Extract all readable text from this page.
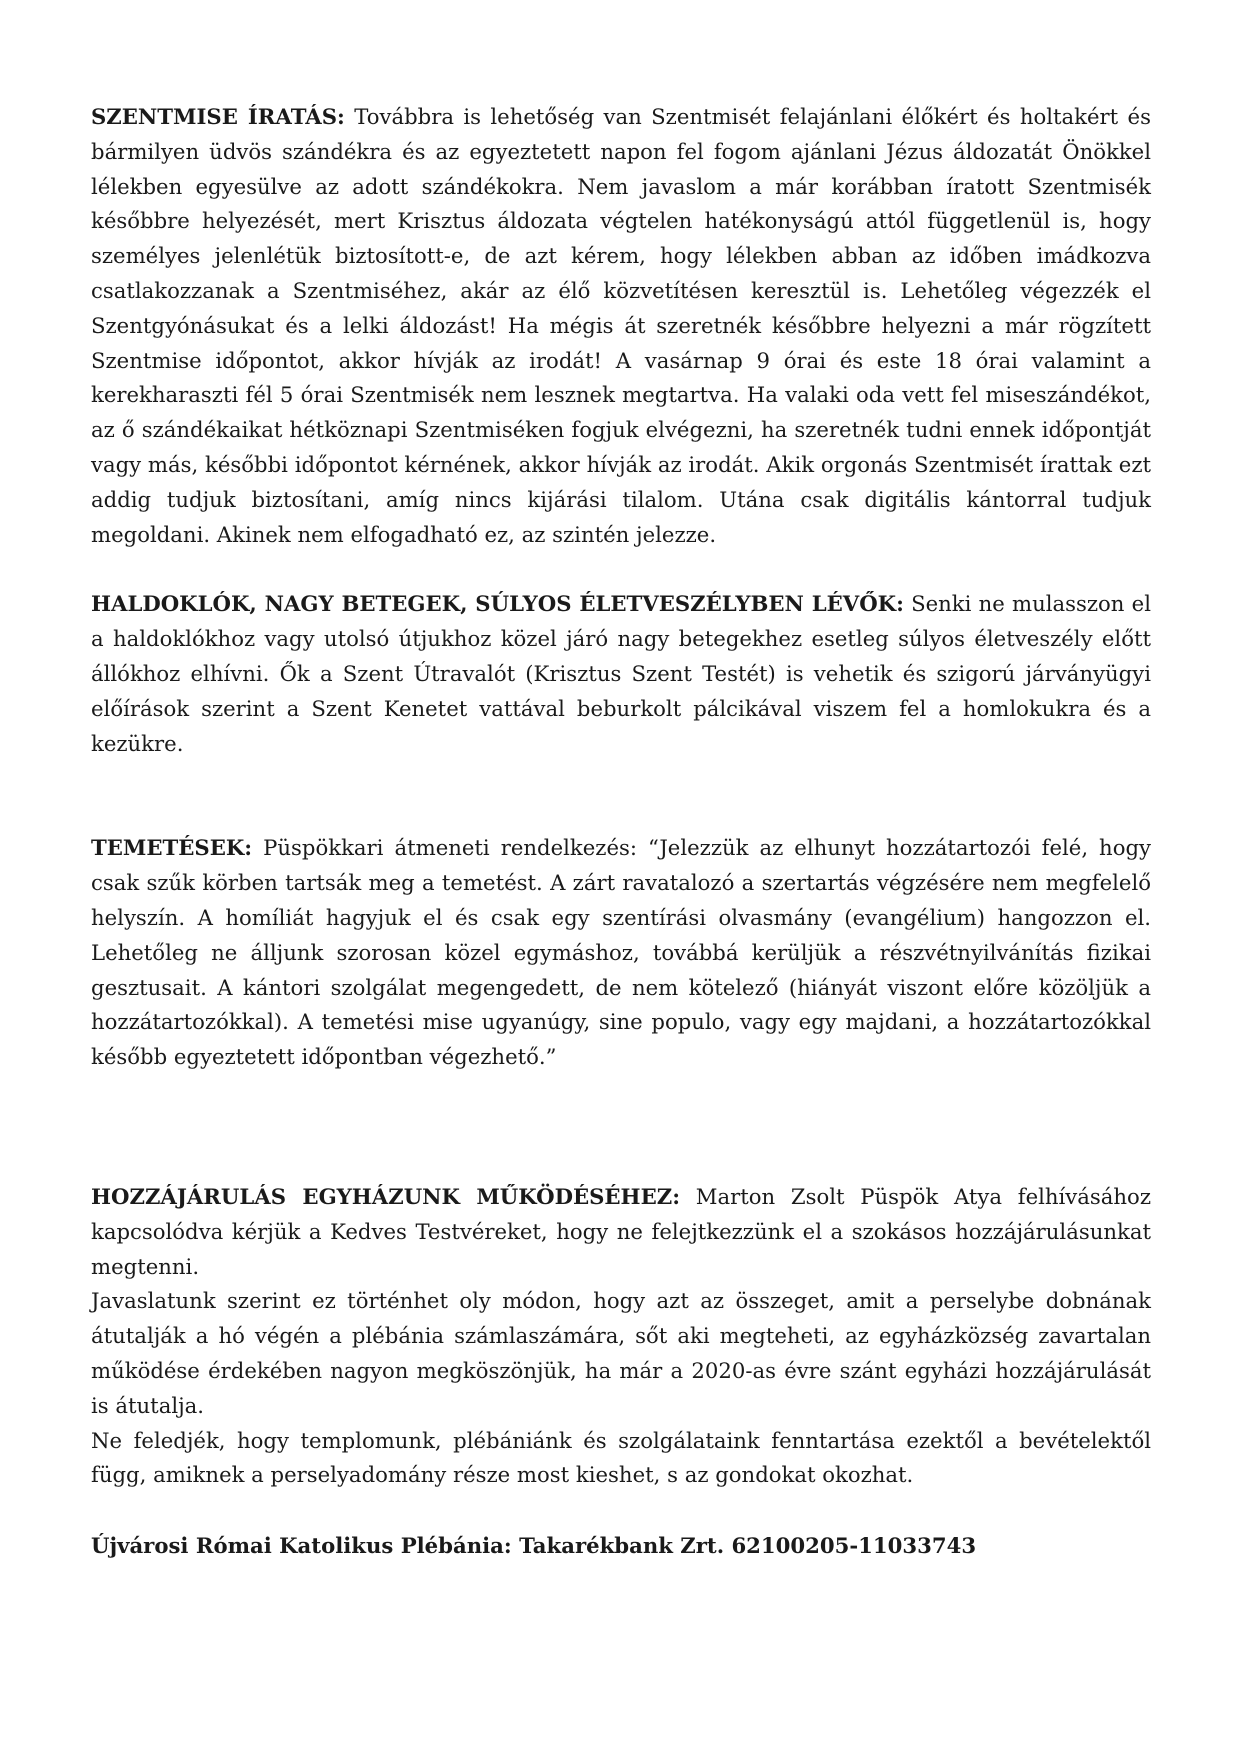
SZENTMISE ÍRATÁS: Továbbra is lehetőség van Szentmisét felajánlani élőkért és holtakért és bármilyen üdvös szándékra és az egyeztetett napon fel fogom ajánlani Jézus áldozatát Önökkel lélekben egyesülve az adott szándékokra. Nem javaslom a már korábban íratott Szentmisék későbbre helyezését, mert Krisztus áldozata végtelen hatékonyságú attól függetlenül is, hogy személyes jelenlétük biztosított-e, de azt kérem, hogy lélekben abban az időben imádkozva csatlakozzanak a Szentmiséhez, akár az élő közvetítésen keresztül is. Lehetőleg végezzék el Szentgyónásukat és a lelki áldozást! Ha mégis át szeretnék későbbre helyezni a már rögzített Szentmise időpontot, akkor hívják az irodát! A vasárnap 9 órai és este 18 órai valamint a kerekharaszti fél 5 órai Szentmisék nem lesznek megtartva. Ha valaki oda vett fel miseszándékot, az ő szándékaikat hétköznapi Szentmiséken fogjuk elvégezni, ha szeretnék tudni ennek időpontját vagy más, későbbi időpontot kérnének, akkor hívják az irodát. Akik orgonás Szentmisét írattak ezt addig tudjuk biztosítani, amíg nincs kijárási tilalom. Utána csak digitális kántorral tudjuk megoldani. Akinek nem elfogadható ez, az szintén jelezze.

HALDOKLÓK, NAGY BETEGEK, SÚLYOS ÉLETVESZÉLYBEN LÉVŐK: Senki ne mulasszon el a haldoklókhoz vagy utolsó útjukhoz közel járó nagy betegekhez esetleg súlyos életveszély előtt állókhoz elhívni. Ők a Szent Útravalót (Krisztus Szent Testét) is vehetik és szigorú járványügyi előírások szerint a Szent Kenetet vattával beburkolt pálcikával viszem fel a homlokukra és a kezükre.

TEMETÉSEK: Püspökkari átmeneti rendelkezés: “Jelezzük az elhunyt hozzátartozói felé, hogy csak szűk körben tartsák meg a temetést. A zárt ravatalozó a szertartás végzésére nem megfelelő helyszín. A homíliát hagyjuk el és csak egy szentírási olvasmány (evangélium) hangozzon el. Lehetőleg ne álljunk szorosan közel egymáshoz, továbbá kerüljük a részvétnyilvánítás fizikai gesztusait. A kántori szolgálat megengedett, de nem kötelező (hiányát viszont előre közöljük a hozzátartozókkal). A temetési mise ugyanúgy, sine populo, vagy egy majdani, a hozzátartozókkal később egyeztetett időpontban végezhető.”

HOZZÁJÁRULÁS EGYHÁZUNK MŰKÖDÉSÉHEZ: Marton Zsolt Püspök Atya felhívásához kapcsolódva kérjük a Kedves Testvéreket, hogy ne felejtkezzünk el a szokásos hozzájárulásunkat megtenni.

Javaslatunk szerint ez történhet oly módon, hogy azt az összeget, amit a perselybe dobnának átutalják a hó végén a plébánia számlaszámára, sőt aki megteheti, az egyházközség zavartalan működése érdekében nagyon megköszönjük, ha már a 2020-as évre szánt egyházi hozzájárulását is átutalja.

Ne feledjék, hogy templomunk, plébániánk és szolgálataink fenntartása ezektől a bevételektől függ, amiknek a perselyadomány része most kieshet, s az gondokat okozhat.

Újvárosi Római Katolikus Plébánia: Takarékbank Zrt. 62100205-11033743
